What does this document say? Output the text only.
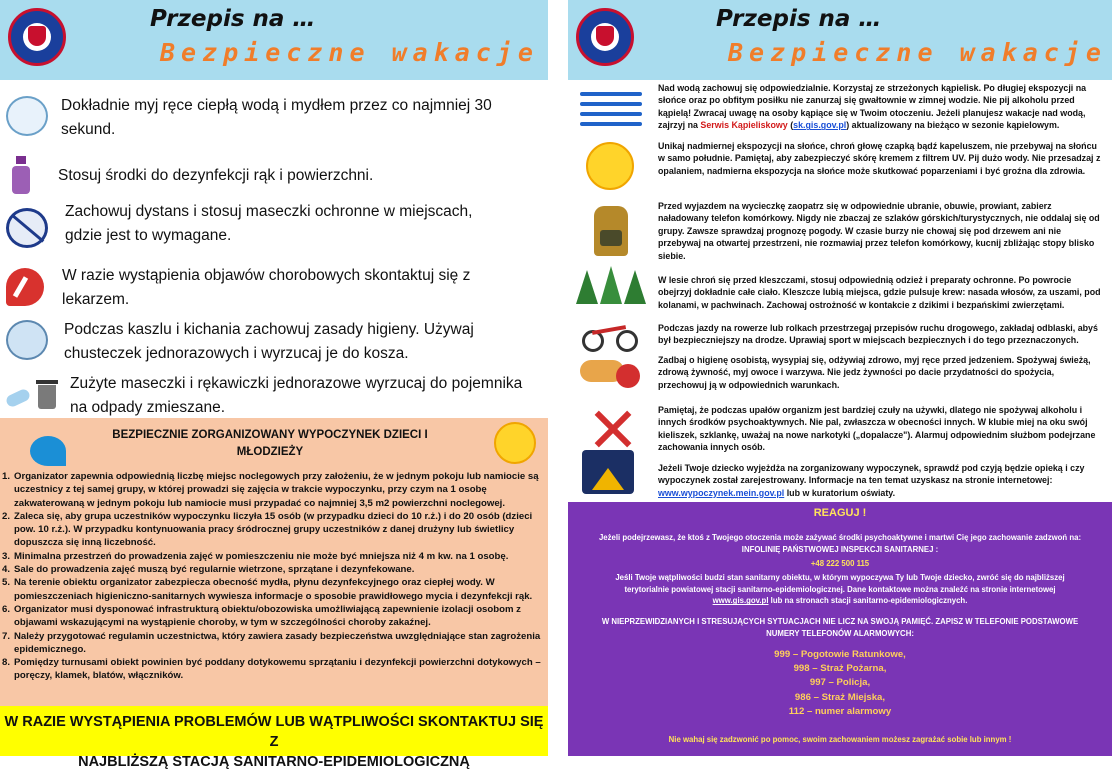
Przepis na …
Bezpieczne wakacje
Dokładnie myj ręce ciepłą wodą i mydłem przez co najmniej 30 sekund.
Stosuj środki do dezynfekcji rąk i powierzchni.
Zachowuj dystans i stosuj maseczki ochronne w miejscach, gdzie jest to wymagane.
W razie wystąpienia objawów chorobowych skontaktuj się z lekarzem.
Podczas kaszlu i kichania zachowuj zasady higieny. Używaj chusteczek jednorazowych i wyrzucaj je do kosza.
Zużyte maseczki i rękawiczki jednorazowe wyrzucaj do pojemnika na odpady zmieszane.
BEZPIECZNIE ZORGANIZOWANY WYPOCZYNEK DZIECI I MŁODZIEŻY
1. Organizator zapewnia odpowiednią liczbę miejsc noclegowych przy założeniu, że w jednym pokoju lub namiocie są uczestnicy z tej samej grupy, w której prowadzi się zajęcia w trakcie wypoczynku, przy czym na 1 osobę zakwaterowaną w jednym pokoju lub namiocie musi przypadać co najmniej 3,5 m2 powierzchni noclegowej.
2. Zaleca się, aby grupa uczestników wypoczynku liczyła 15 osób (w przypadku dzieci do 10 r.ż.) i do 20 osób (dzieci pow. 10 r.ż.). W przypadku kontynuowania pracy śródrocznej grupy uczestników z danej drużyny lub świetlicy dopuszcza się inną liczebność.
3. Minimalna przestrzeń do prowadzenia zajęć w pomieszczeniu nie może być mniejsza niż 4 m kw. na 1 osobę.
4. Sale do prowadzenia zajęć muszą być regularnie wietrzone, sprzątane i dezynfekowane.
5. Na terenie obiektu organizator zabezpiecza obecność mydła, płynu dezynfekcyjnego oraz ciepłej wody. W pomieszczeniach higieniczno-sanitarnych wywiesza informacje o sposobie prawidłowego mycia i dezynfekcji rąk.
6. Organizator musi dysponować infrastrukturą obiektu/obozowiska umożliwiającą zapewnienie izolacji osobom z objawami wskazującymi na wystąpienie choroby, w tym w szczególności choroby zakaźnej.
7. Należy przygotować regulamin uczestnictwa, który zawiera zasady bezpieczeństwa uwzględniające stan zagrożenia epidemicznego.
8. Pomiędzy turnusami obiekt powinien być poddany dotykowemu sprzątaniu i dezynfekcji powierzchni dotykowych – poręczy, klamek, blatów, włączników.
W RAZIE WYSTĄPIENIA PROBLEMÓW LUB WĄTPLIWOŚCI SKONTAKTUJ SIĘ Z
NAJBLIŻSZĄ STACJĄ SANITARNO-EPIDEMIOLOGICZNĄ
Przepis na …
Bezpieczne wakacje
Nad wodą zachowuj się odpowiedzialnie. Korzystaj ze strzeżonych kąpielisk. Po długiej ekspozycji na słońce oraz po obfitym posiłku nie zanurzaj się gwałtownie w zimnej wodzie. Nie pij alkoholu przed kąpielą! Zwracaj uwagę na osoby kąpiące się w Twoim otoczeniu. Jeżeli planujesz wakacje nad wodą, zajrzyj na Serwis Kąpieliskowy (sk.gis.gov.pl) aktualizowany na bieżąco w sezonie kąpielowym.
Unikaj nadmiernej ekspozycji na słońce, chroń głowę czapką bądź kapeluszem, nie przebywaj na słońcu w samo południe. Pamiętaj, aby zabezpieczyć skórę kremem z filtrem UV. Pij dużo wody. Nie przesadzaj z opalaniem, nadmierna ekspozycja na słońce może skutkować poparzeniami i być groźna dla zdrowia.
Przed wyjazdem na wycieczkę zaopatrz się w odpowiednie ubranie, obuwie, prowiant, zabierz naładowany telefon komórkowy. Nigdy nie zbaczaj ze szlaków górskich/turystycznych, nie oddalaj się od grupy. Zawsze sprawdzaj prognozę pogody. W czasie burzy nie chowaj się pod drzewem ani nie przebywaj na otwartej przestrzeni, nie rozmawiaj przez telefon komórkowy, kucnij zbliżając stopy blisko siebie.
W lesie chroń się przed kleszczami, stosuj odpowiednią odzież i preparaty ochronne. Po powrocie obejrzyj dokładnie całe ciało. Kleszcze lubią miejsca, gdzie pulsuje krew: nasada włosów, za uszami, pod kolanami, w pachwinach. Zachowaj ostrożność w kontakcie z dzikimi i bezpańskimi zwierzętami.
Podczas jazdy na rowerze lub rolkach przestrzegaj przepisów ruchu drogowego, zakładaj odblaski, abyś był bezpieczniejszy na drodze. Uprawiaj sport w miejscach bezpiecznych i do tego przeznaczonych.
Zadbaj o higienę osobistą, wysypiaj się, odżywiaj zdrowo, myj ręce przed jedzeniem. Spożywaj świeżą, zdrową żywność, myj owoce i warzywa. Nie jedz żywności po dacie przydatności do spożycia, przechowuj ją w odpowiednich warunkach.
Pamiętaj, że podczas upałów organizm jest bardziej czuły na używki, dlatego nie spożywaj alkoholu i innych środków psychoaktywnych. Nie pal, zwłaszcza w obecności innych. W klubie miej na oku swój kieliszek, szklankę, uważaj na nowe narkotyki („dopalacze"). Alarmuj odpowiednim służbom podejrzane zachowania innych osób.
Jeżeli Twoje dziecko wyjeżdża na zorganizowany wypoczynek, sprawdź pod czyją będzie opieką i czy wypoczynek został zarejestrowany. Informacje na ten temat uzyskasz na stronie internetowej: www.wypoczynek.mein.gov.pl lub w kuratorium oświaty.

REAGUJ !

Jeżeli podejrzewasz, że ktoś z Twojego otoczenia może zażywać środki psychoaktywne i martwi Cię jego zachowanie zadzwoń na:

INFOLINIĘ PAŃSTWOWEJ INSPEKCJI SANITARNEJ :

+48 222 500 115

Jeśli Twoje wątpliwości budzi stan sanitarny obiektu, w którym wypoczywa Ty lub Twoje dziecko, zwróć się do najbliższej terytorialnie powiatowej stacji sanitarno-epidemiologicznej. Dane kontaktowe można znaleźć na stronie internetowej www.gis.gov.pl lub na stronach stacji sanitarno-epidemiologicznych.

W NIEPRZEWIDZIANYCH I STRESUJĄCYCH SYTUACJACH NIE LICZ NA SWOJĄ PAMIĘĆ. ZAPISZ W TELEFONIE PODSTAWOWE NUMERY TELEFONÓW ALARMOWYCH:

999 – Pogotowie Ratunkowe,
998 – Straż Pożarna,
997 – Policja,
986 – Straż Miejska,
112 – numer alarmowy

Nie wahaj się zadzwonić po pomoc, swoim zachowaniem możesz zagrażać sobie lub innym !
